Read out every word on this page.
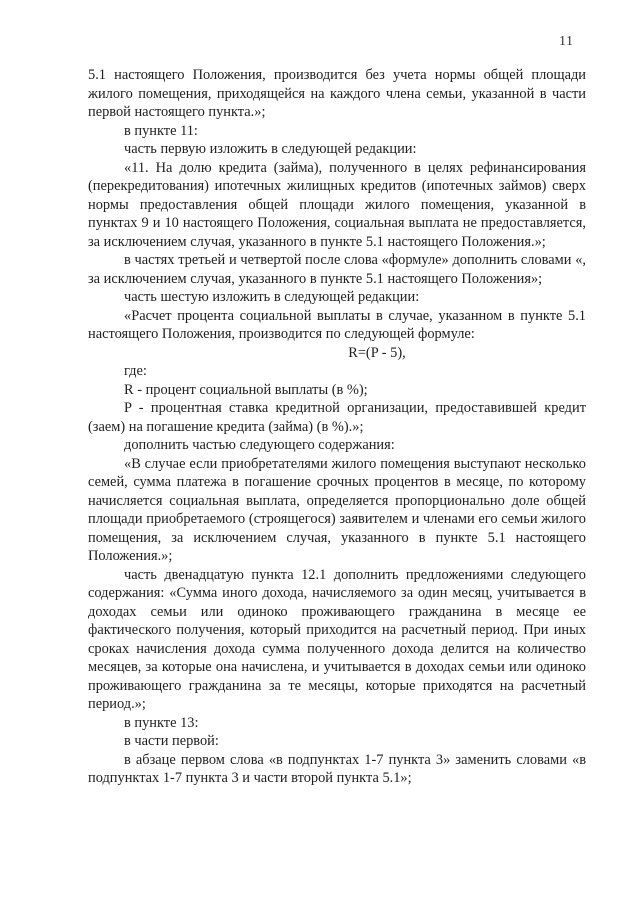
11

5.1 настоящего Положения, производится без учета нормы общей площади жилого помещения, приходящейся на каждого члена семьи, указанной в части первой настоящего пункта.»;

в пункте 11:

часть первую изложить в следующей редакции:

«11. На долю кредита (займа), полученного в целях рефинансирования (перекредитования) ипотечных жилищных кредитов (ипотечных займов) сверх нормы предоставления общей площади жилого помещения, указанной в пунктах 9 и 10 настоящего Положения, социальная выплата не предоставляется, за исключением случая, указанного в пункте 5.1 настоящего Положения.»;

в частях третьей и четвертой после слова «формуле» дополнить словами «, за исключением случая, указанного в пункте 5.1 настоящего Положения»;

часть шестую изложить в следующей редакции:

«Расчет процента социальной выплаты в случае, указанном в пункте 5.1 настоящего Положения, производится по следующей формуле:

R=(P - 5),

где:

R - процент социальной выплаты (в %);

P - процентная ставка кредитной организации, предоставившей кредит (заем) на погашение кредита (займа) (в %).»;

дополнить частью следующего содержания:

«В случае если приобретателями жилого помещения выступают несколько семей, сумма платежа в погашение срочных процентов в месяце, по которому начисляется социальная выплата, определяется пропорционально доле общей площади приобретаемого (строящегося) заявителем и членами его семьи жилого помещения, за исключением случая, указанного в пункте 5.1 настоящего Положения.»;

часть двенадцатую пункта 12.1 дополнить предложениями следующего содержания: «Сумма иного дохода, начисляемого за один месяц, учитывается в доходах семьи или одиноко проживающего гражданина в месяце ее фактического получения, который приходится на расчетный период. При иных сроках начисления дохода сумма полученного дохода делится на количество месяцев, за которые она начислена, и учитывается в доходах семьи или одиноко проживающего гражданина за те месяцы, которые приходятся на расчетный период.»;

в пункте 13:

в части первой:

в абзаце первом слова «в подпунктах 1-7 пункта 3» заменить словами «в подпунктах 1-7 пункта 3 и части второй пункта 5.1»;
